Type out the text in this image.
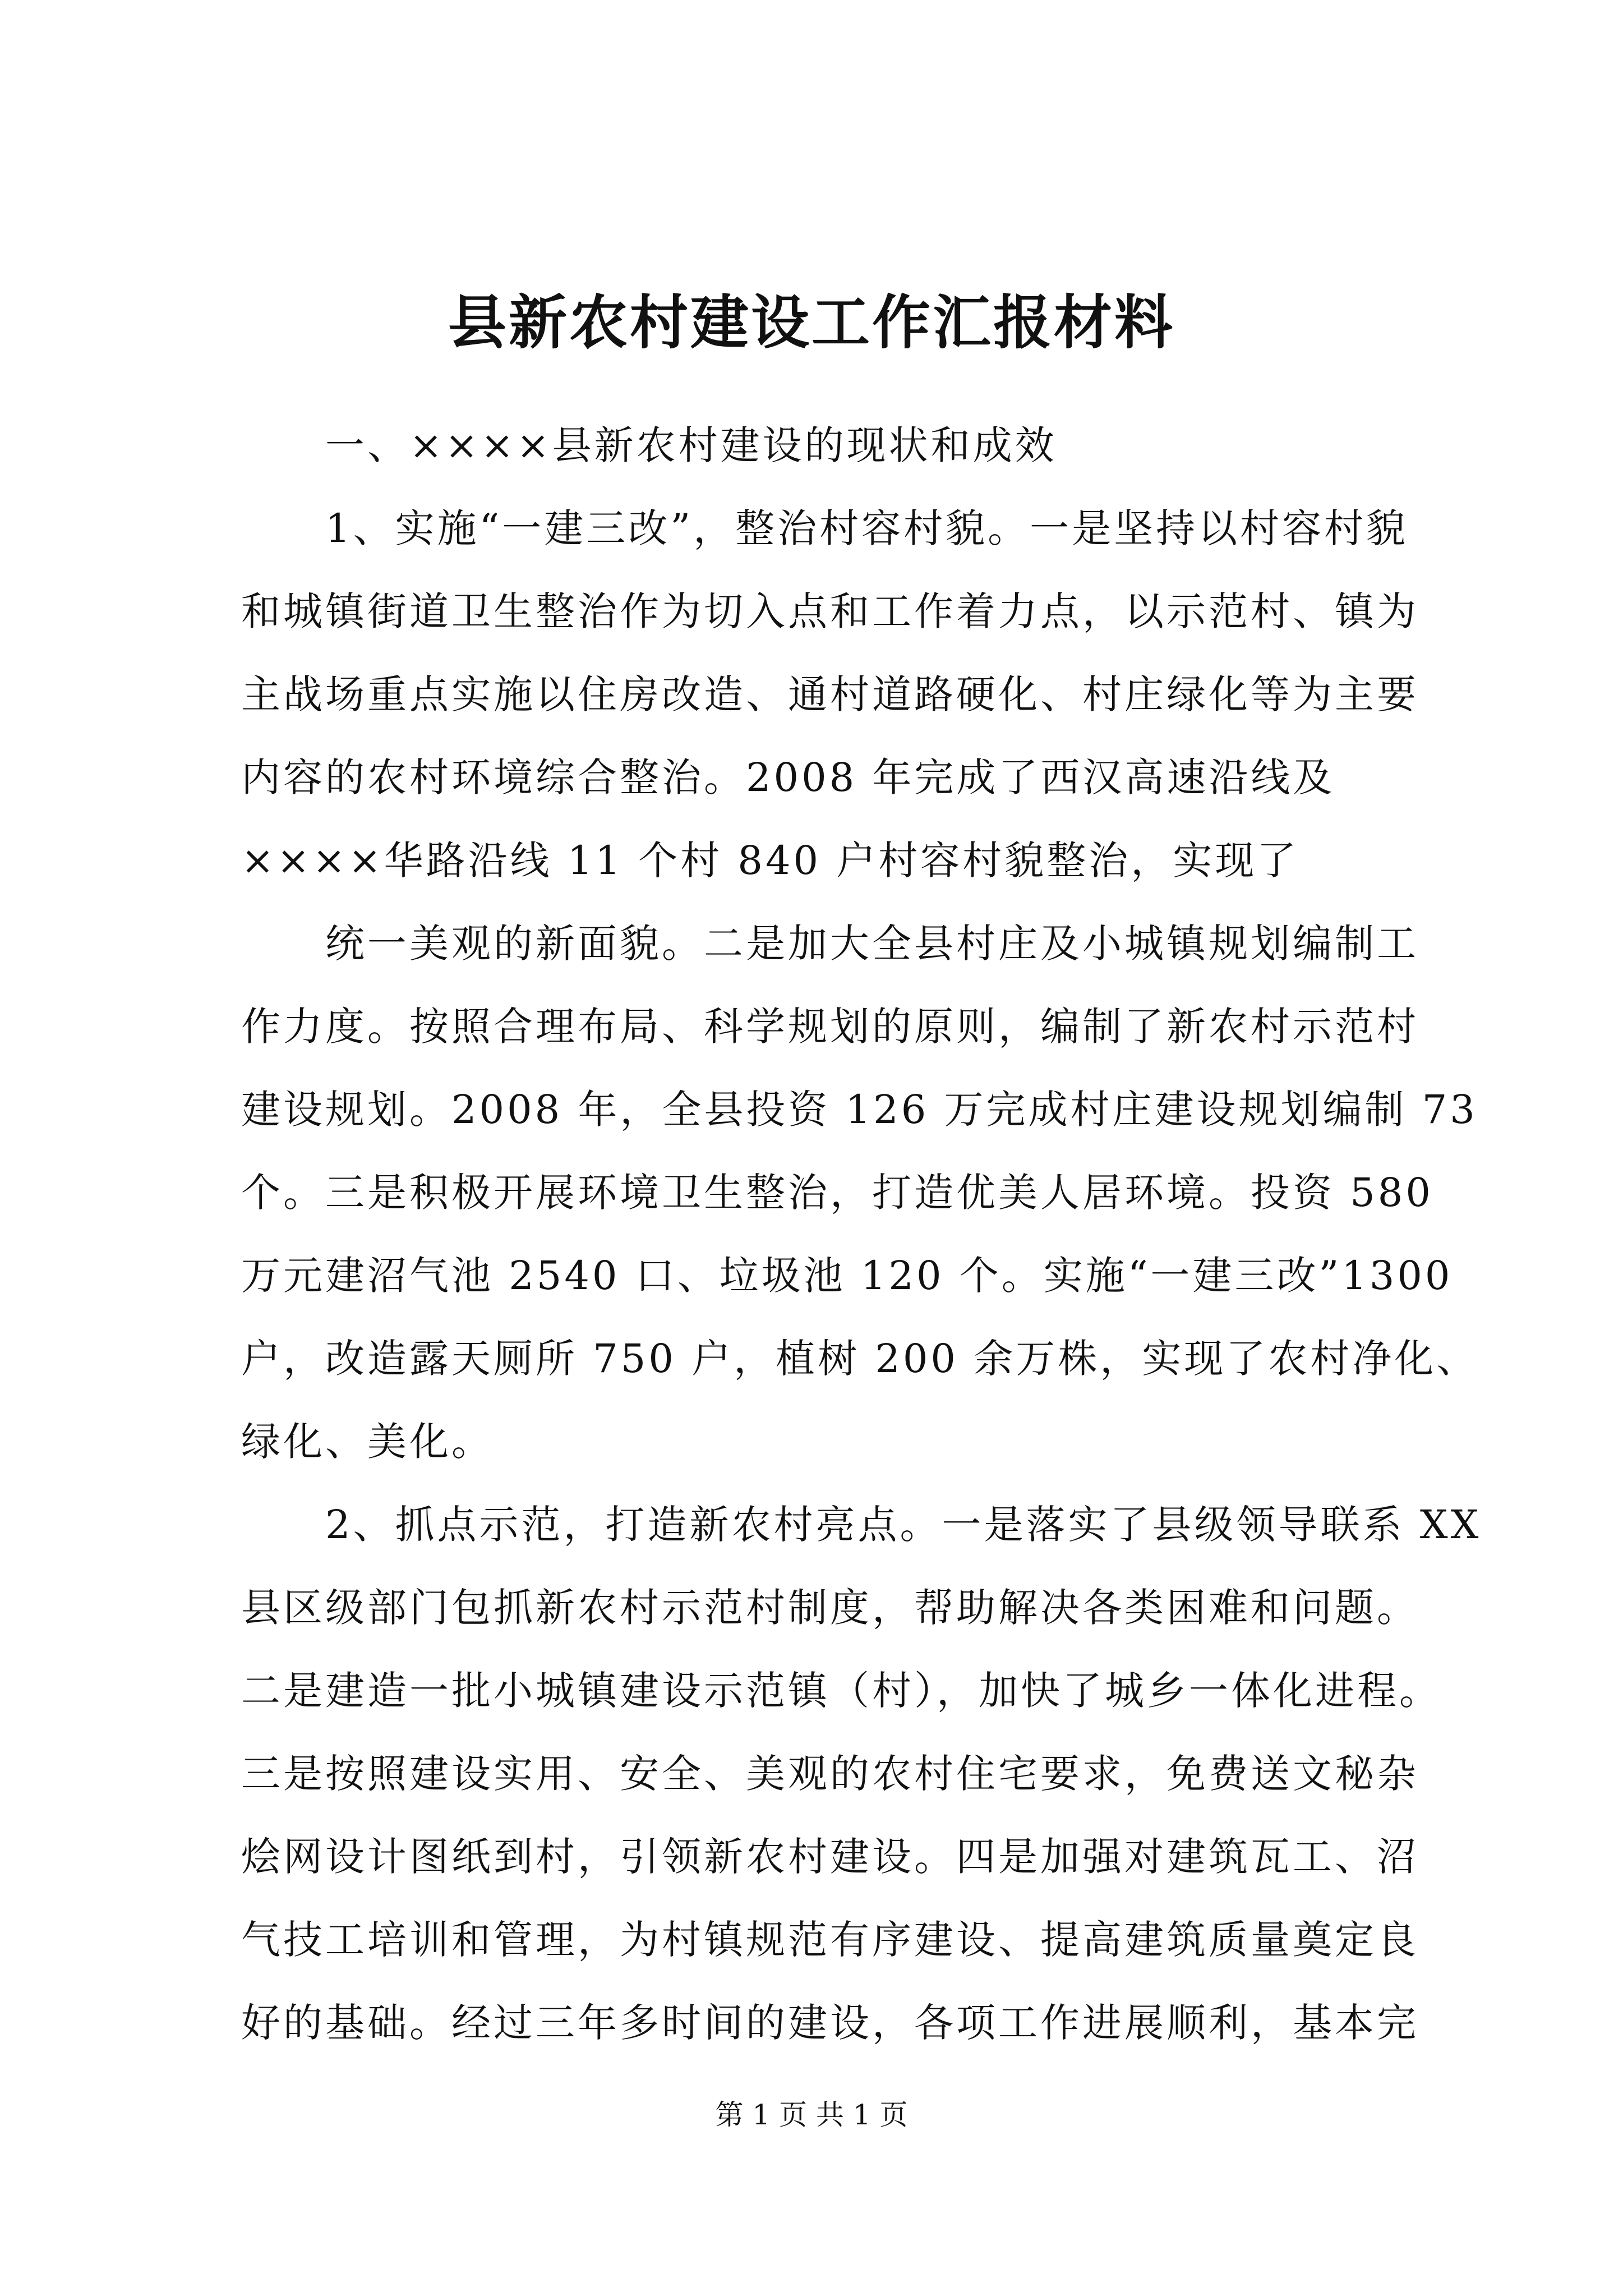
县新农村建设工作汇报材料
　　一、××××县新农村建设的现状和成效
　　1、实施“一建三改”，整治村容村貌。一是坚持以村容村貌
和城镇街道卫生整治作为切入点和工作着力点，以示范村、镇为
主战场重点实施以住房改造、通村道路硬化、村庄绿化等为主要
内容的农村环境综合整治。2008 年完成了西汉高速沿线及
××××华路沿线 11 个村 840 户村容村貌整治，实现了
　　统一美观的新面貌。二是加大全县村庄及小城镇规划编制工
作力度。按照合理布局、科学规划的原则，编制了新农村示范村
建设规划。2008 年，全县投资 126 万完成村庄建设规划编制 73
个。三是积极开展环境卫生整治，打造优美人居环境。投资 580
万元建沼气池 2540 口、垃圾池 120 个。实施“一建三改”1300
户，改造露天厕所 750 户，植树 200 余万株，实现了农村净化、
绿化、美化。
　　2、抓点示范，打造新农村亮点。一是落实了县级领导联系 XX
县区级部门包抓新农村示范村制度，帮助解决各类困难和问题。
二是建造一批小城镇建设示范镇（村），加快了城乡一体化进程。
三是按照建设实用、安全、美观的农村住宅要求，免费送文秘杂
烩网设计图纸到村，引领新农村建设。四是加强对建筑瓦工、沼
气技工培训和管理，为村镇规范有序建设、提高建筑质量奠定良
好的基础。经过三年多时间的建设，各项工作进展顺利，基本完
第 1 页 共 1 页
